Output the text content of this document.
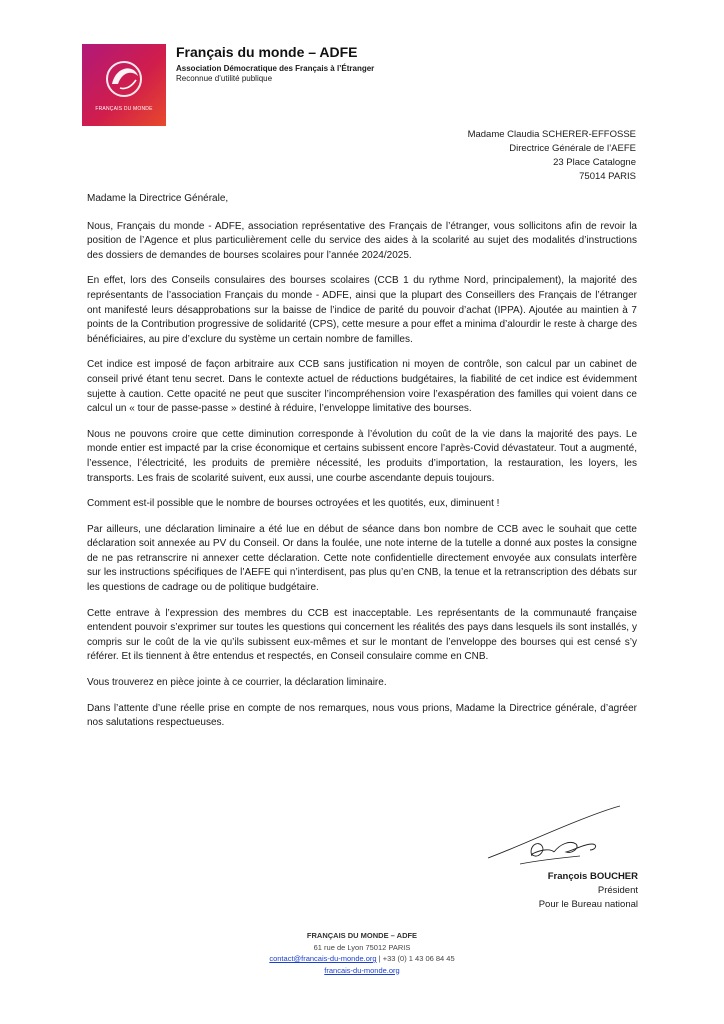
FRANÇAIS DU MONDE
Français du monde – ADFE
Association Démocratique des Français à l’Étranger
Reconnue d’utilité publique
Madame Claudia SCHERER-EFFOSSE
Directrice Générale de l’AEFE
23 Place Catalogne
75014 PARIS

Madame la Directrice Générale,

Nous, Français du monde - ADFE, association représentative des Français de l’étranger, vous sollicitons afin de revoir la position de l’Agence et plus particulièrement celle du service des aides à la scolarité au sujet des modalités d’instructions des dossiers de demandes de bourses scolaires pour l’année 2024/2025.

En effet, lors des Conseils consulaires des bourses scolaires (CCB 1 du rythme Nord, principalement), la majorité des représentants de l’association Français du monde - ADFE, ainsi que la plupart des Conseillers des Français de l’étranger ont manifesté leurs désapprobations sur la baisse de l’indice de parité du pouvoir d’achat (IPPA). Ajoutée au maintien à 7 points de la Contribution progressive de solidarité (CPS), cette mesure a pour effet a minima d’alourdir le reste à charge des bénéficiaires, au pire d’exclure du système un certain nombre de familles.

Cet indice est imposé de façon arbitraire aux CCB sans justification ni moyen de contrôle, son calcul par un cabinet de conseil privé étant tenu secret. Dans le contexte actuel de réductions budgétaires, la fiabilité de cet indice est évidemment sujette à caution. Cette opacité ne peut que susciter l’incompréhension voire l’exaspération des familles qui voient dans ce calcul un « tour de passe-passe » destiné à réduire, l’enveloppe limitative des bourses.

Nous ne pouvons croire que cette diminution corresponde à l’évolution du coût de la vie dans la majorité des pays. Le monde entier est impacté par la crise économique et certains subissent encore l’après-Covid dévastateur. Tout a augmenté, l’essence, l’électricité, les produits de première nécessité, les produits d’importation, la restauration, les loyers, les transports. Les frais de scolarité suivent, eux aussi, une courbe ascendante depuis toujours.

Comment est-il possible que le nombre de bourses octroyées et les quotités, eux, diminuent !

Par ailleurs, une déclaration liminaire a été lue en début de séance dans bon nombre de CCB avec le souhait que cette déclaration soit annexée au PV du Conseil. Or dans la foulée, une note interne de la tutelle a donné aux postes la consigne de ne pas retranscrire ni annexer cette déclaration. Cette note confidentielle directement envoyée aux consulats interfère sur les instructions spécifiques de l’AEFE qui n’interdisent, pas plus qu’en CNB, la tenue et la retranscription des débats sur les questions de cadrage ou de politique budgétaire.

Cette entrave à l’expression des membres du CCB est inacceptable. Les représentants de la communauté française entendent pouvoir s’exprimer sur toutes les questions qui concernent les réalités des pays dans lesquels ils sont installés, y compris sur le coût de la vie qu’ils subissent eux-mêmes et sur le montant de l’enveloppe des bourses qui est censé s’y référer. Et ils tiennent à être entendus et respectés, en Conseil consulaire comme en CNB.

Vous trouverez en pièce jointe à ce courrier, la déclaration liminaire.

Dans l’attente d’une réelle prise en compte de nos remarques, nous vous prions, Madame la Directrice générale, d’agréer nos salutations respectueuses.

François BOUCHER
Président
Pour le Bureau national
FRANÇAIS DU MONDE – ADFE
61 rue de Lyon 75012 PARIS
contact@francais-du-monde.org | +33 (0) 1 43 06 84 45
francais-du-monde.org
